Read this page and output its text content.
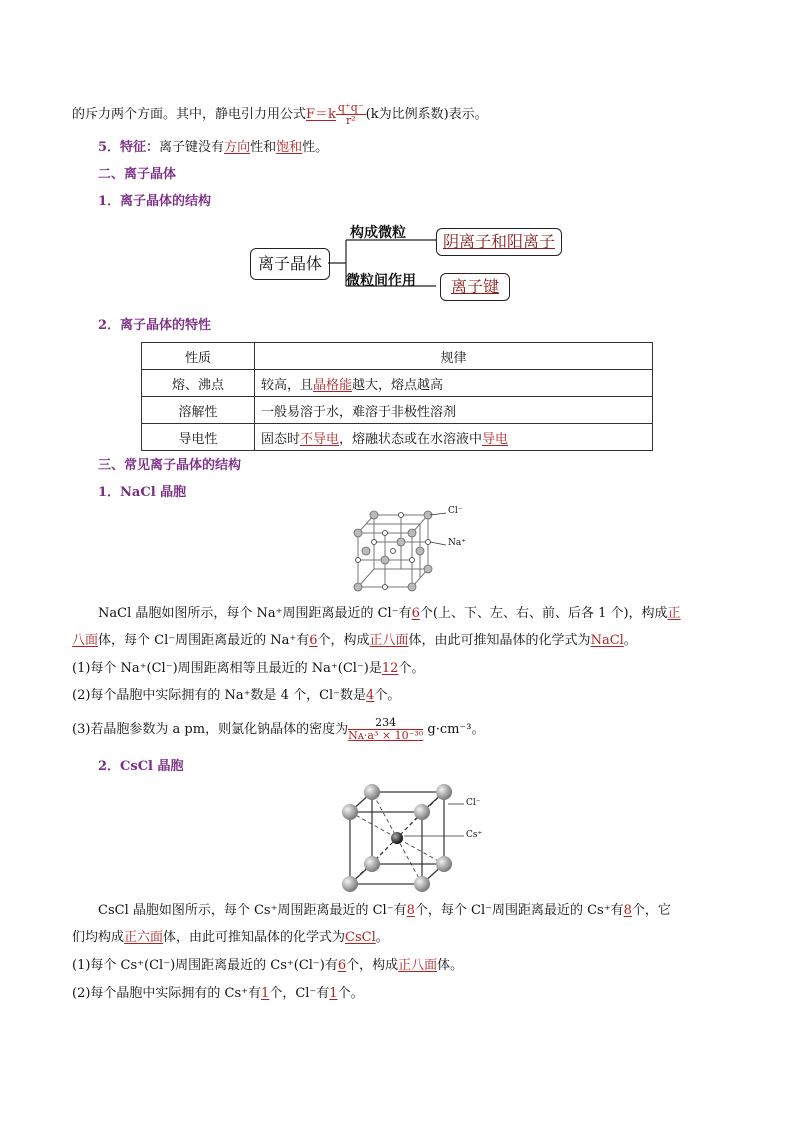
的斥力两个方面。其中，静电引力用公式$F=k \frac{q^+q^-}{\text{r²}} (k$为比例系数)表示。
5．特征：离子键没有方向性和饱和性。
二、离子晶体
1．离子晶体的结构
离子晶体
构成微粒	阴离子和阳离子
微粒间作用	离子键
2．离子晶体的特性
性质	规律
熔、沸点	较高，且晶格能越大，熔点越高
溶解性	一般易溶于水，难溶于非极性溶剂
导电性	固态时不导电，熔融状态或在水溶液中导电
三、常见离子晶体的结构
1．NaCl 晶胞
Cl⁻
Na⁺
NaCl 晶胞如图所示，每个 Na⁺周围距离最近的 Cl⁻有6个(上、下、左、右、前、后各 1 个)，构成正
八面体，每个 Cl⁻周围距离最近的 Na⁺有6个，构成正八面体，由此可推知晶体的化学式为NaCl。
(1)每个 Na⁺(Cl⁻)周围距离相等且最近的 Na⁺(Cl⁻)是12个。
(2)每个晶胞中实际拥有的 Na⁺数是 4 个，Cl⁻数是4个。
(3)若晶胞参数为 a pm，则氯化钠晶体的密度为 $\frac{234}{\text{Nᴀ·a³ × 10⁻³⁰}} g\cdot cm^{-3}$。
2．CsCl 晶胞
Cl⁻
Cs⁺
CsCl 晶胞如图所示，每个 Cs⁺周围距离最近的 Cl⁻有8个，每个 Cl⁻周围距离最近的 Cs⁺有8个，它
们均构成正六面体，由此可推知晶体的化学式为CsCl。
(1)每个 Cs⁺(Cl⁻)周围距离最近的 Cs⁺(Cl⁻)有6个，构成正八面体。
(2)每个晶胞中实际拥有的 Cs⁺有1个，Cl⁻有1个。
